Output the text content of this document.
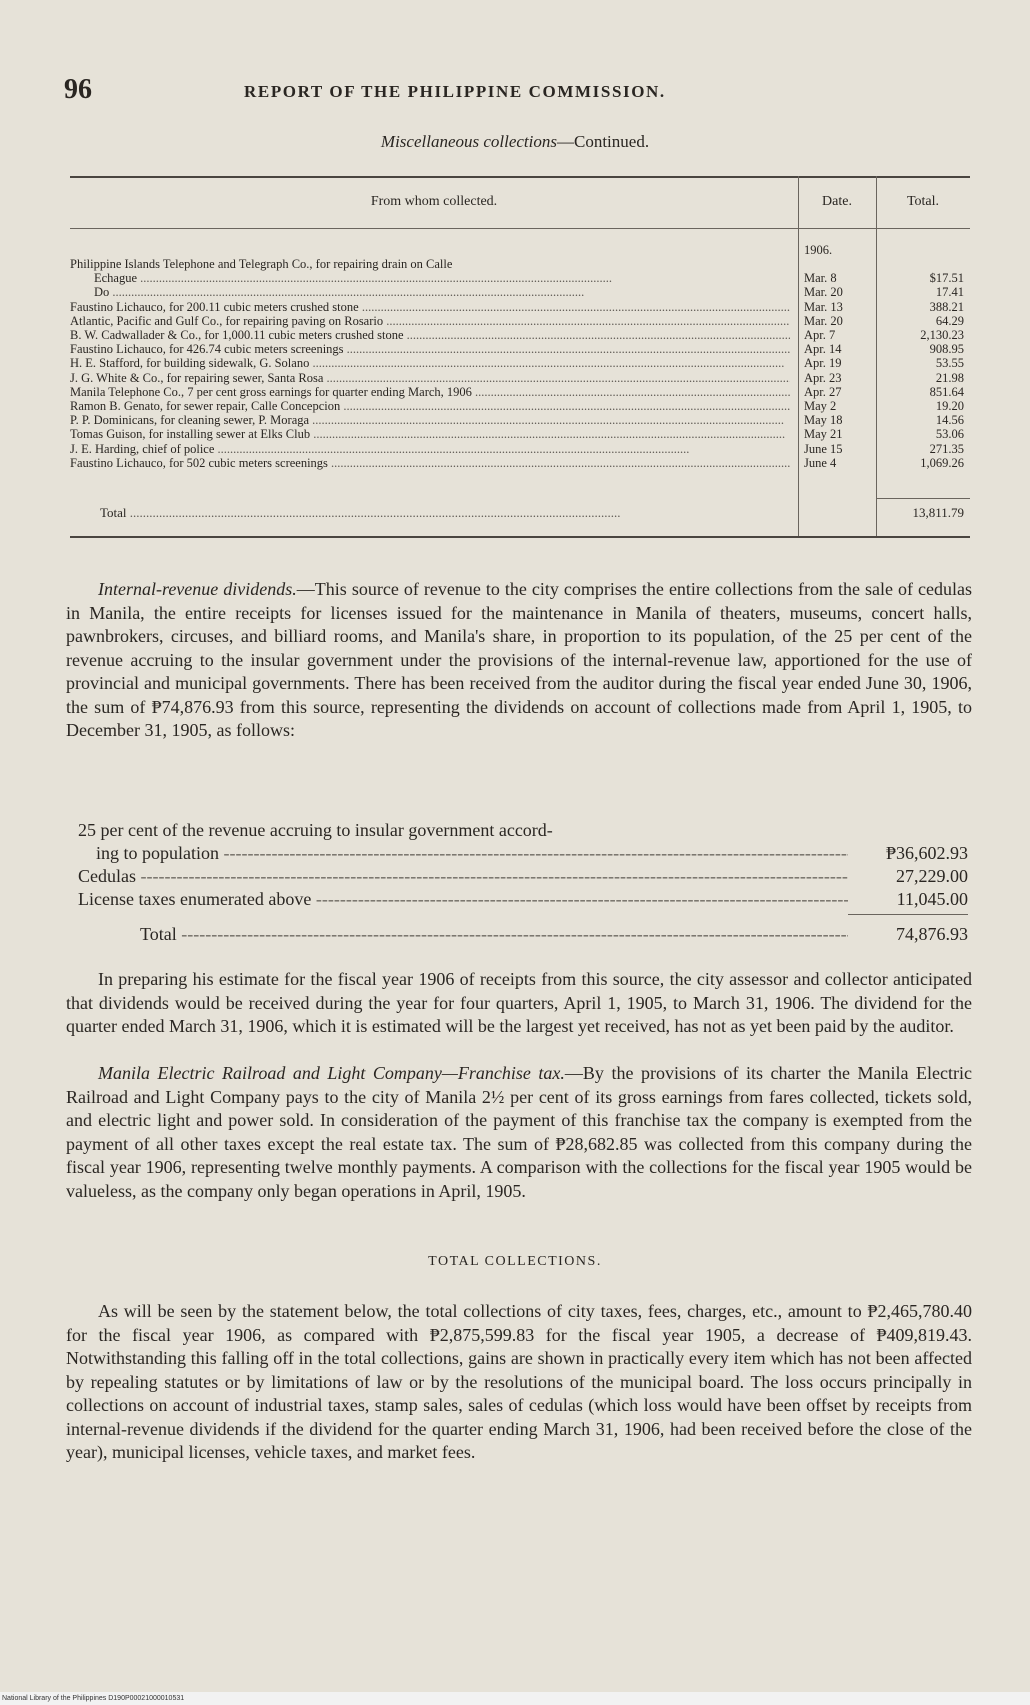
96	REPORT OF THE PHILIPPINE COMMISSION.
Miscellaneous collections—Continued.
From whom collected.	Date.	Total.
1906.
Philippine Islands Telephone and Telegraph Co., for repairing drain on Calle
Echague .....	Mar. 8	$17.51
Do .....	Mar. 20	17.41
Faustino Lichauco, for 200.11 cubic meters crushed stone .....	Mar. 13	388.21
Atlantic, Pacific and Gulf Co., for repairing paving on Rosario .....	Mar. 20	64.29
B. W. Cadwallader & Co., for 1,000.11 cubic meters crushed stone .....	Apr. 7	2,130.23
Faustino Lichauco, for 426.74 cubic meters screenings .....	Apr. 14	908.95
H. E. Stafford, for building sidewalk, G. Solano .....	Apr. 19	53.55
J. G. White & Co., for repairing sewer, Santa Rosa .....	Apr. 23	21.98
Manila Telephone Co., 7 per cent gross earnings for quarter ending March, 1906 .....	Apr. 27	851.64
Ramon B. Genato, for sewer repair, Calle Concepcion .....	May 2	19.20
P. P. Dominicans, for cleaning sewer, P. Moraga .....	May 18	14.56
Tomas Guison, for installing sewer at Elks Club .....	May 21	53.06
J. E. Harding, chief of police .....	June 15	271.35
Faustino Lichauco, for 502 cubic meters screenings .....	June 4	1,069.26
Total .....	13,811.79

Internal-revenue dividends.—This source of revenue to the city comprises the entire collections from the sale of cedulas in Manila, the entire receipts for licenses issued for the maintenance in Manila of theaters, museums, concert halls, pawnbrokers, circuses, and billiard rooms, and Manila's share, in proportion to its population, of the 25 per cent of the revenue accruing to the insular government under the provisions of the internal-revenue law, apportioned for the use of provincial and municipal governments. There has been received from the auditor during the fiscal year ended June 30, 1906, the sum of ₱74,876.93 from this source, representing the dividends on account of collections made from April 1, 1905, to December 31, 1905, as follows:

25 per cent of the revenue accruing to insular government accord-
ing to population -----	₱36,602.93
Cedulas -----	27,229.00
License taxes enumerated above -----	11,045.00
Total -----	74,876.93

In preparing his estimate for the fiscal year 1906 of receipts from this source, the city assessor and collector anticipated that dividends would be received during the year for four quarters, April 1, 1905, to March 31, 1906. The dividend for the quarter ended March 31, 1906, which it is estimated will be the largest yet received, has not as yet been paid by the auditor.

Manila Electric Railroad and Light Company—Franchise tax.—By the provisions of its charter the Manila Electric Railroad and Light Company pays to the city of Manila 2½ per cent of its gross earnings from fares collected, tickets sold, and electric light and power sold. In consideration of the payment of this franchise tax the company is exempted from the payment of all other taxes except the real estate tax. The sum of ₱28,682.85 was collected from this company during the fiscal year 1906, representing twelve monthly payments. A comparison with the collections for the fiscal year 1905 would be valueless, as the company only began operations in April, 1905.

TOTAL COLLECTIONS.

As will be seen by the statement below, the total collections of city taxes, fees, charges, etc., amount to ₱2,465,780.40 for the fiscal year 1906, as compared with ₱2,875,599.83 for the fiscal year 1905, a decrease of ₱409,819.43. Notwithstanding this falling off in the total collections, gains are shown in practically every item which has not been affected by repealing statutes or by limitations of law or by the resolutions of the municipal board. The loss occurs principally in collections on account of industrial taxes, stamp sales, sales of cedulas (which loss would have been offset by receipts from internal-revenue dividends if the dividend for the quarter ending March 31, 1906, had been received before the close of the year), municipal licenses, vehicle taxes, and market fees.

National Library of the Philippines D190P00021000010531
